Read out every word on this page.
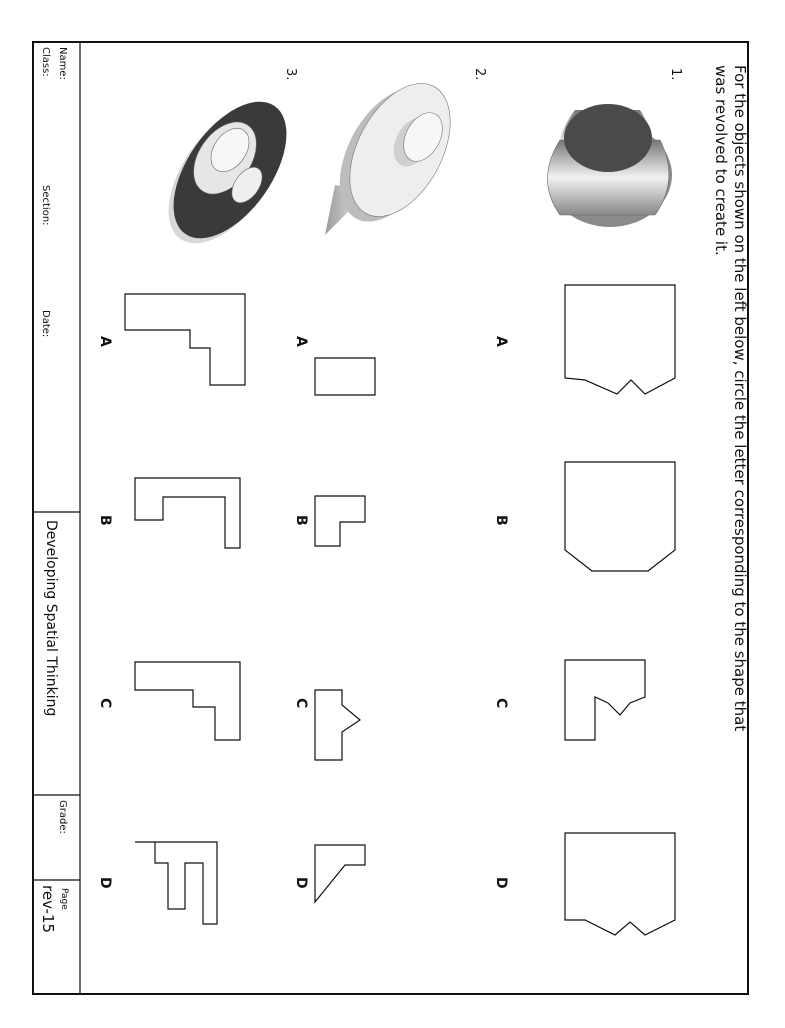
For the objects shown on the left below, circle the letter corresponding to the shape that
was revolved to create it.
1.
2.
3.
A
B
C
D
A
B
C
D
A
B
C
D
Name:
Class:
Section:
Date:
Developing Spatial Thinking
Grade:
Page
rev-15
